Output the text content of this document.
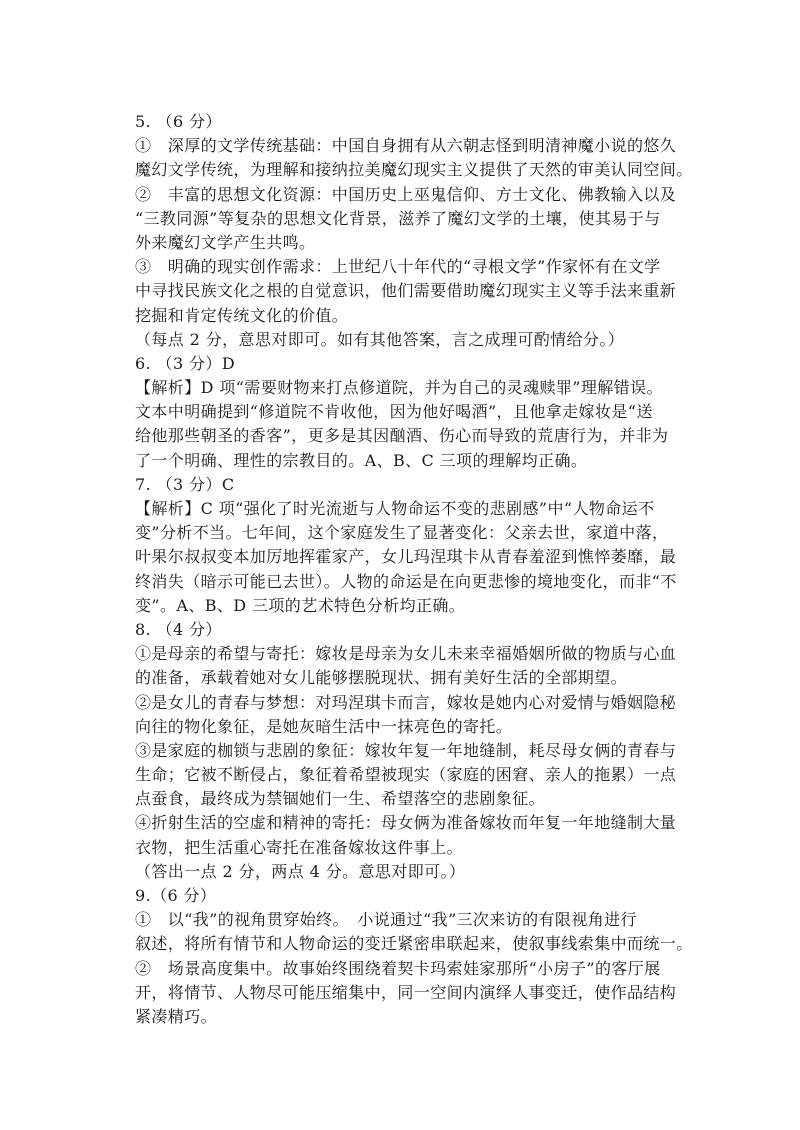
5. （6 分）
①　深厚的文学传统基础：中国自身拥有从六朝志怪到明清神魔小说的悠久
魔幻文学传统，为理解和接纳拉美魔幻现实主义提供了天然的审美认同空间。
②　丰富的思想文化资源：中国历史上巫鬼信仰、方士文化、佛教输入以及
“三教同源”等复杂的思想文化背景，滋养了魔幻文学的土壤，使其易于与
外来魔幻文学产生共鸣。
③　明确的现实创作需求：上世纪八十年代的“寻根文学”作家怀有在文学
中寻找民族文化之根的自觉意识，他们需要借助魔幻现实主义等手法来重新
挖掘和肯定传统文化的价值。
（每点 2 分，意思对即可。如有其他答案，言之成理可酌情给分。）
6. （3 分）D
【解析】D 项“需要财物来打点修道院，并为自己的灵魂赎罪”理解错误。
文本中明确提到“修道院不肯收他，因为他好喝酒”，且他拿走嫁妆是“送
给他那些朝圣的香客”，更多是其因酗酒、伤心而导致的荒唐行为，并非为
了一个明确、理性的宗教目的。A、B、C 三项的理解均正确。
7. （3 分）C
【解析】C 项“强化了时光流逝与人物命运不变的悲剧感”中“人物命运不
变”分析不当。七年间，这个家庭发生了显著变化：父亲去世，家道中落，
叶果尔叔叔变本加厉地挥霍家产，女儿玛涅琪卡从青春羞涩到憔悴萎靡，最
终消失（暗示可能已去世）。人物的命运是在向更悲惨的境地变化，而非“不
变”。A、B、D 三项的艺术特色分析均正确。
8. （4 分）
①是母亲的希望与寄托：嫁妆是母亲为女儿未来幸福婚姻所做的物质与心血
的准备，承载着她对女儿能够摆脱现状、拥有美好生活的全部期望。
②是女儿的青春与梦想：对玛涅琪卡而言，嫁妆是她内心对爱情与婚姻隐秘
向往的物化象征，是她灰暗生活中一抹亮色的寄托。
③是家庭的枷锁与悲剧的象征：嫁妆年复一年地缝制，耗尽母女俩的青春与
生命；它被不断侵占，象征着希望被现实（家庭的困窘、亲人的拖累）一点
点蚕食，最终成为禁锢她们一生、希望落空的悲剧象征。
④折射生活的空虚和精神的寄托：母女俩为准备嫁妆而年复一年地缝制大量
衣物，把生活重心寄托在准备嫁妆这件事上。
（答出一点 2 分，两点 4 分。意思对即可。）
9.（6 分）
①　以“我”的视角贯穿始终。　小说通过“我”三次来访的有限视角进行
叙述，将所有情节和人物命运的变迁紧密串联起来，使叙事线索集中而统一。
②　场景高度集中。故事始终围绕着契卡玛索娃家那所“小房子”的客厅展
开，将情节、人物尽可能压缩集中，同一空间内演绎人事变迁，使作品结构
紧凑精巧。
